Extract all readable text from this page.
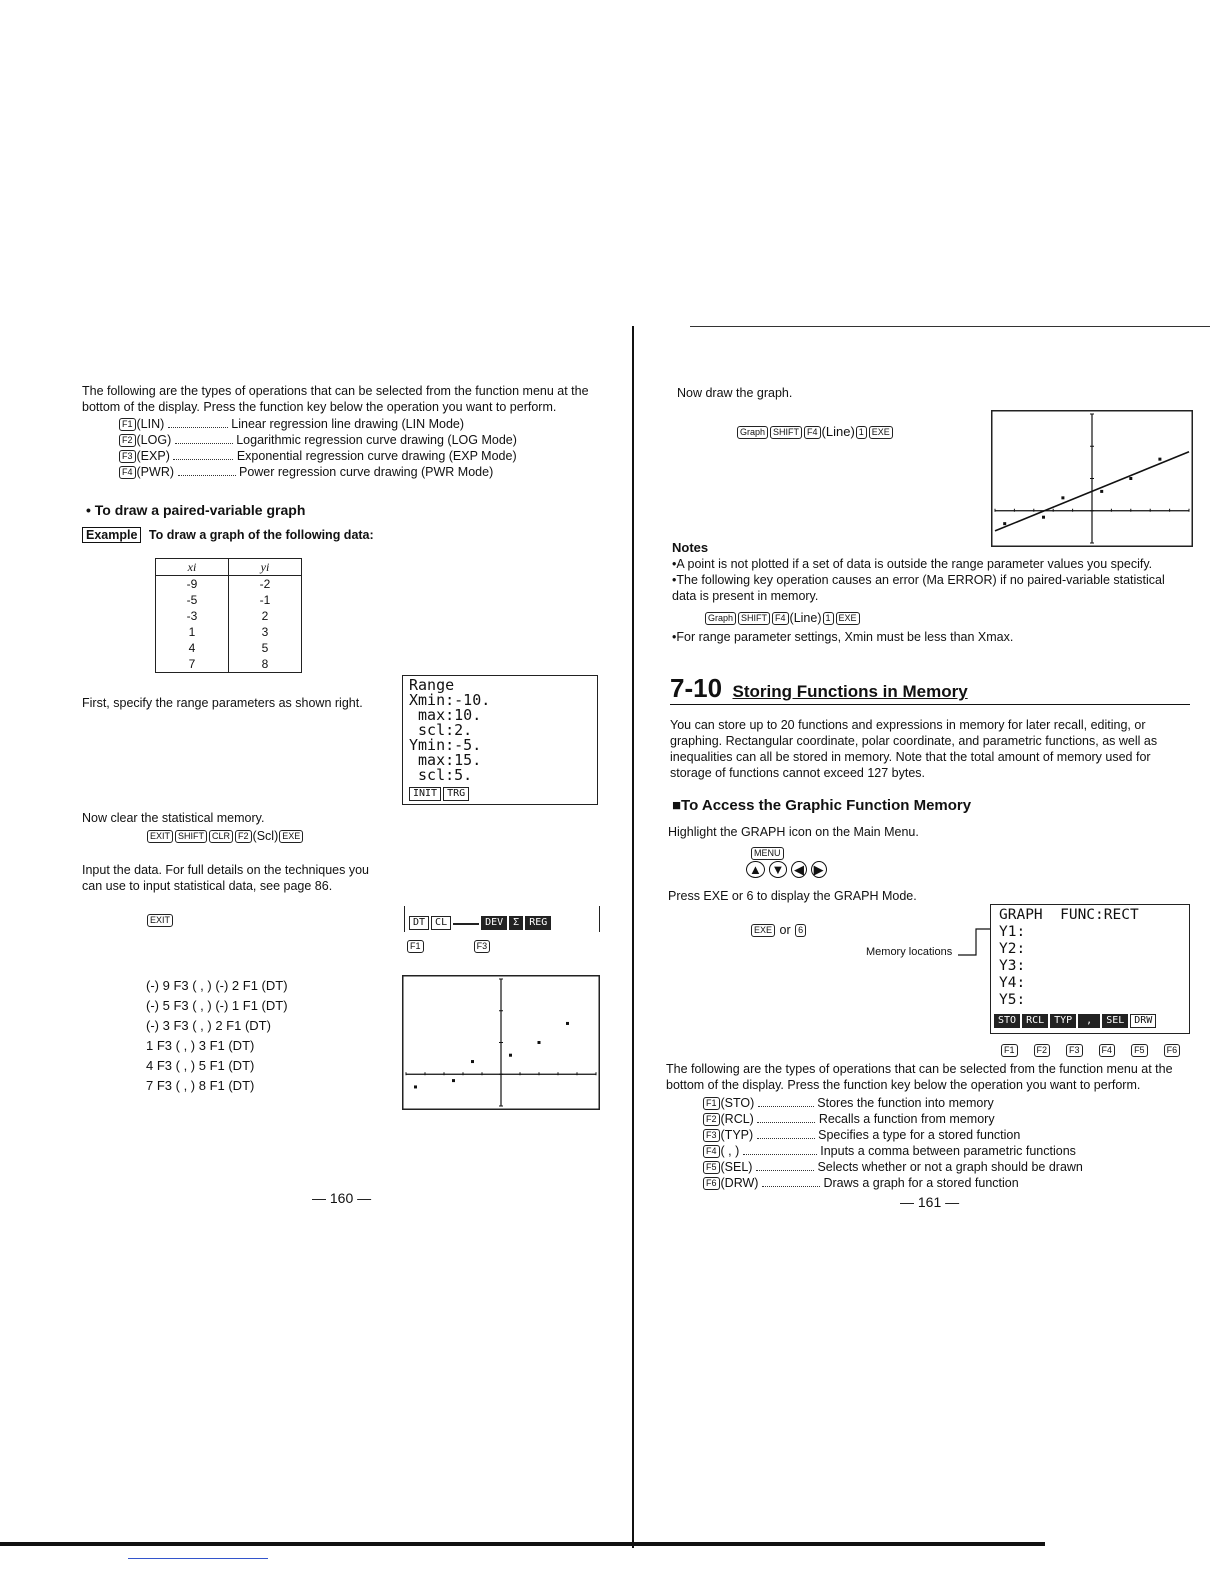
The following are the types of operations that can be selected from the function menu at the bottom of the display. Press the function key below the operation you want to perform.
F1 (LIN)	Linear regression line drawing (LIN Mode)
F2 (LOG)	Logarithmic regression curve drawing (LOG Mode)
F3 (EXP)	Exponential regression curve drawing (EXP Mode)
F4 (PWR)	Power regression curve drawing (PWR Mode)
• To draw a paired-variable graph
Example To draw a graph of the following data:
xi	yi
-9	-2
-5	-1
-3	2
1	3
4	5
7	8
First, specify the range parameters as shown right.
Range
Xmin:-10.
max:10.
scl:2.
Ymin:-5.
max:15.
scl:5.
INIT TRG
Now clear the statistical memory.
EXIT SHIFT CLR F2 (Scl) EXE
Input the data. For full details on the techniques you can use to input statistical data, see page 86.
EXIT	DT CL	DEV Σ REG
F1	F3
(-) 9 F3 ( , ) (-) 2 F1 (DT)
(-) 5 F3 ( , ) (-) 1 F1 (DT)
(-) 3 F3 ( , ) 2 F1 (DT)
1 F3 ( , ) 3 F1 (DT)
4 F3 ( , ) 5 F1 (DT)
7 F3 ( , ) 8 F1 (DT)
— 160 —
Now draw the graph.
Graph SHIFT F4 (Line) 1 EXE
Notes
•A point is not plotted if a set of data is outside the range parameter values you specify.
•The following key operation causes an error (Ma ERROR) if no paired-variable statistical data is present in memory.
Graph SHIFT F4 (Line) 1 EXE
•For range parameter settings, Xmin must be less than Xmax.
7-10 Storing Functions in Memory
You can store up to 20 functions and expressions in memory for later recall, editing, or graphing. Rectangular coordinate, polar coordinate, and parametric functions, as well as inequalities can all be stored in memory. Note that the total amount of memory used for storage of functions cannot exceed 127 bytes.
■To Access the Graphic Function Memory
Highlight the GRAPH icon on the Main Menu.
MENU
▲ ▼ ◀ ▶
Press EXE or 6 to display the GRAPH Mode.
EXE or 6
Memory locations
GRAPH  FUNC:RECT
Y1:
Y2:
Y3:
Y4:
Y5:
STO RCL TYP , SEL DRW
F1 F2 F3 F4 F5 F6
The following are the types of operations that can be selected from the function menu at the bottom of the display. Press the function key below the operation you want to perform.
F1 (STO)	Stores the function into memory
F2 (RCL)	Recalls a function from memory
F3 (TYP)	Specifies a type for a stored function
F4 ( , )	Inputs a comma between parametric functions
F5 (SEL)	Selects whether or not a graph should be drawn
F6 (DRW)	Draws a graph for a stored function
— 161 —
